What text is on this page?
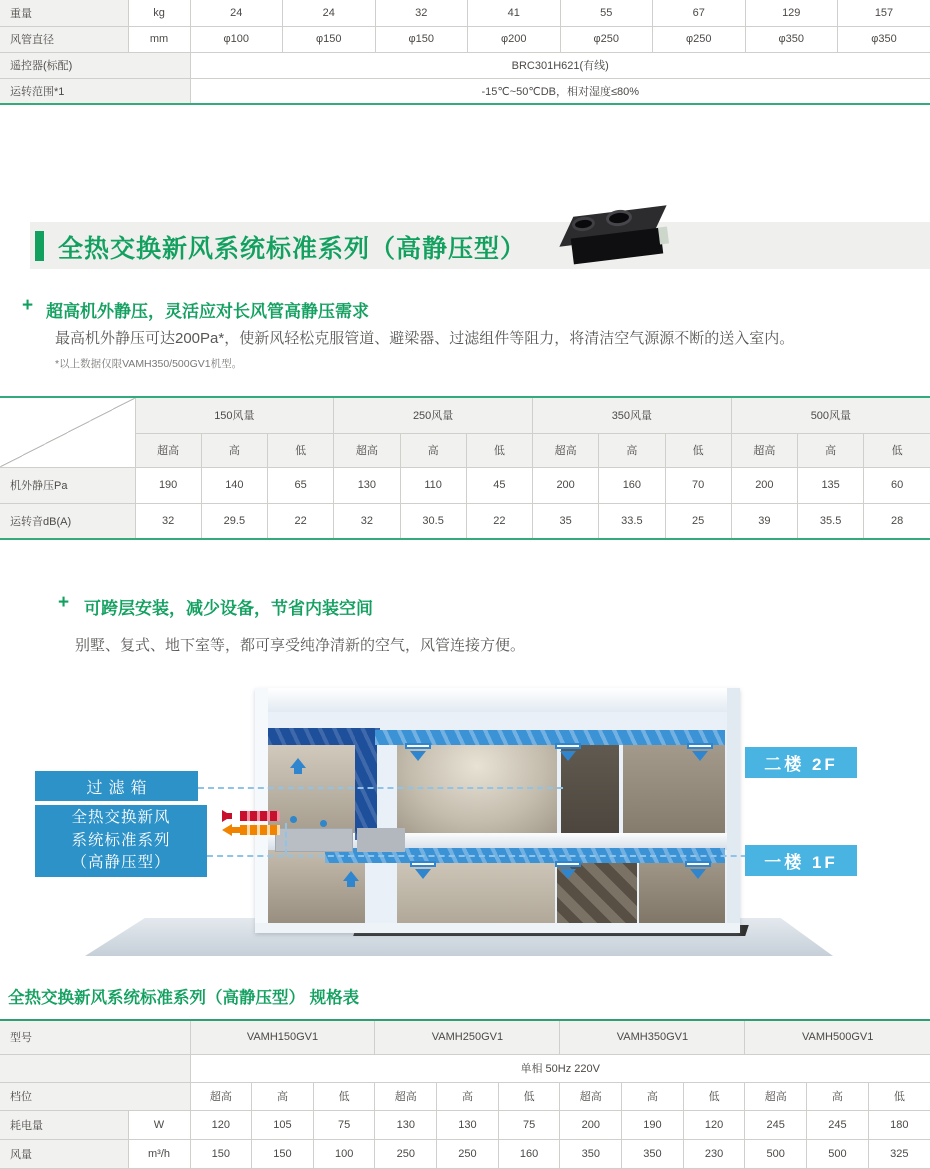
重量	kg	24	24	32	41	55	67	129	157
风管直径	mm	φ100	φ150	φ150	φ200	φ250	φ250	φ350	φ350
遥控器(标配)		BRC301H621(有线)							
运转范围*1		-15℃~50℃DB，相对湿度≤80%							
全热交换新风系统标准系列（高静压型）
+ 超高机外静压，灵活应对长风管高静压需求
最高机外静压可达200Pa*，使新风轻松克服管道、避梁器、过滤组件等阻力，将清洁空气源源不断的送入室内。
*以上数据仅限VAMH350/500GV1机型。
	150风量			250风量			350风量			500风量		
	超高	高	低	超高	高	低	超高	高	低	超高	高	低
机外静压Pa	190	140	65	130	110	45	200	160	70	200	135	60
运转音dB(A)	32	29.5	22	32	30.5	22	35	33.5	25	39	35.5	28
+ 可跨层安装，减少设备，节省内装空间
别墅、复式、地下室等，都可享受纯净清新的空气，风管连接方便。
过滤箱
全热交换新风
系统标准系列
（高静压型）
二楼 2F
一楼 1F
全热交换新风系统标准系列（高静压型） 规格表
型号		VAMH150GV1			VAMH250GV1			VAMH350GV1			VAMH500GV1		
		单相 50Hz 220V											
档位		超高	高	低	超高	高	低	超高	高	低	超高	高	低
耗电量	W	120	105	75	130	130	75	200	190	120	245	245	180
风量	m³/h	150	150	100	250	250	160	350	350	230	500	500	325
